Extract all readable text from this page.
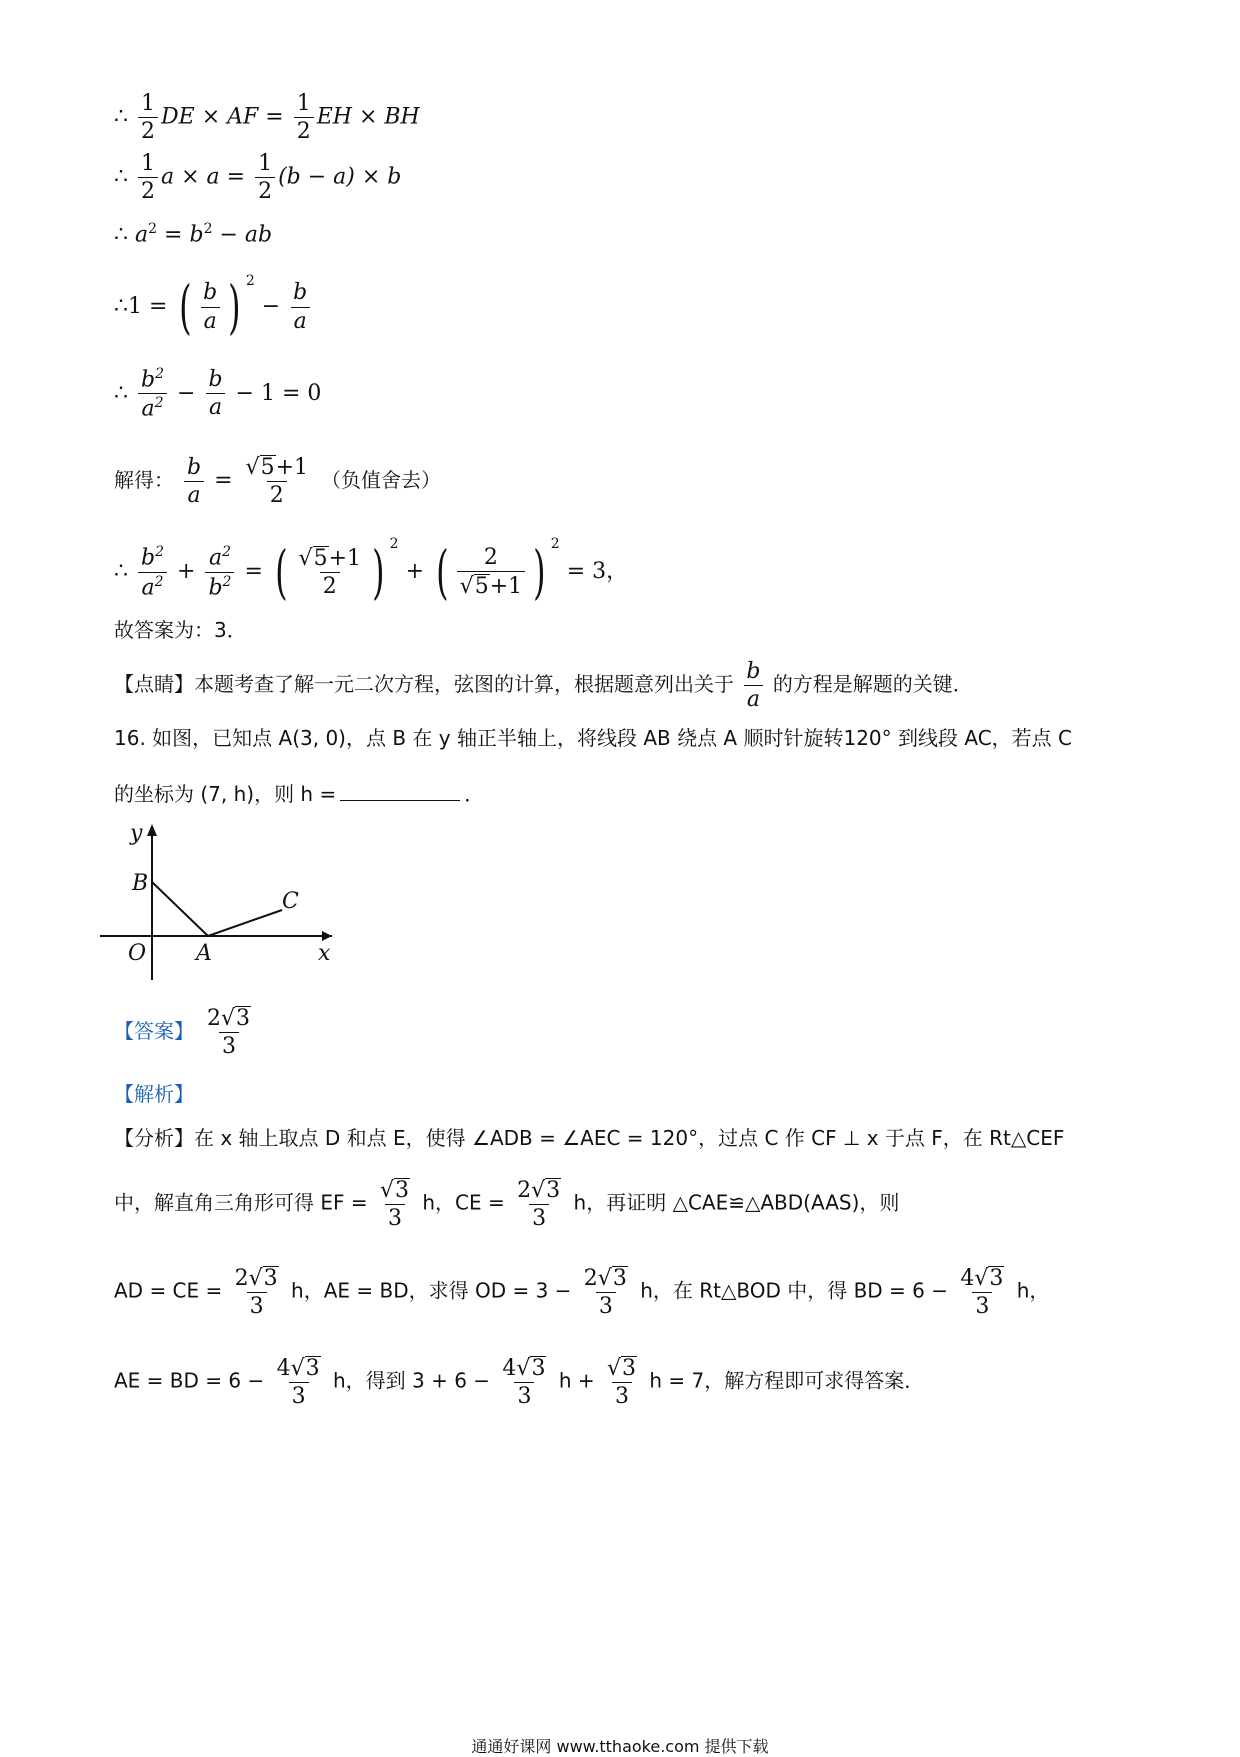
∴ $\frac{1}{2}$ DE × AF = $\frac{1}{2}$ EH × BH
∴ $\frac{1}{2}$ $a \times a = \frac{1}{2} (b - a) \times b$
∴ $a^2 = b^2$ − ab
∴1 = ( $\frac{b}{a}$ ) $^2 - \frac{b}{a}$
∴ $\frac{b^2}{a^2} - \frac{b}{a} - 1 = 0$
解得： $\frac{b}{a} = \frac{√5+1}{2}$ （负值舍去）
∴ $\frac{b^2}{a^2} + \frac{a^2}{b^2}$ = ( $\frac{√5+1}{2}$ ) $^2$ + ( $\frac{2}{√5+1}$ ) $^2$ = 3，
故答案为：3．
【点睛】本题考查了解一元二次方程，弦图的计算，根据题意列出关于 $\frac{b}{a}$ 的方程是解题的关键．
16. 如图，已知点 A(3, 0)，点 B 在 y 轴正半轴上，将线段 AB 绕点 A 顺时针旋转120° 到线段 AC，若点 C
的坐标为 (7, h)，则 h =	．
y
x
B
C
O A
【答案】 $\frac{2√3}{3}$
【解析】
【分析】在 x 轴上取点 D 和点 E，使得 ∠ADB = ∠AEC = 120°，过点 C 作 CF ⊥ x 于点 F，在 Rt△CEF
中，解直角三角形可得 EF = $\frac{√3}{3}$ h，CE = $\frac{2√3}{3}$ h，再证明 △CAE≌△ABD(AAS)，则
AD = CE = $\frac{2√3}{3}$ h，AE = BD，求得 OD = $3 - \frac{2√3}{3}$ h，在 Rt△BOD 中，得 BD = $6 - \frac{4√3}{3}$ h，
AE = BD = $6 - \frac{4√3}{3}$ h，得到 $3 + 6 - \frac{4√3}{3}$ $h + \frac{√3}{3}$ h = 7，解方程即可求得答案．
通通好课网 www.tthaoke.com 提供下载
